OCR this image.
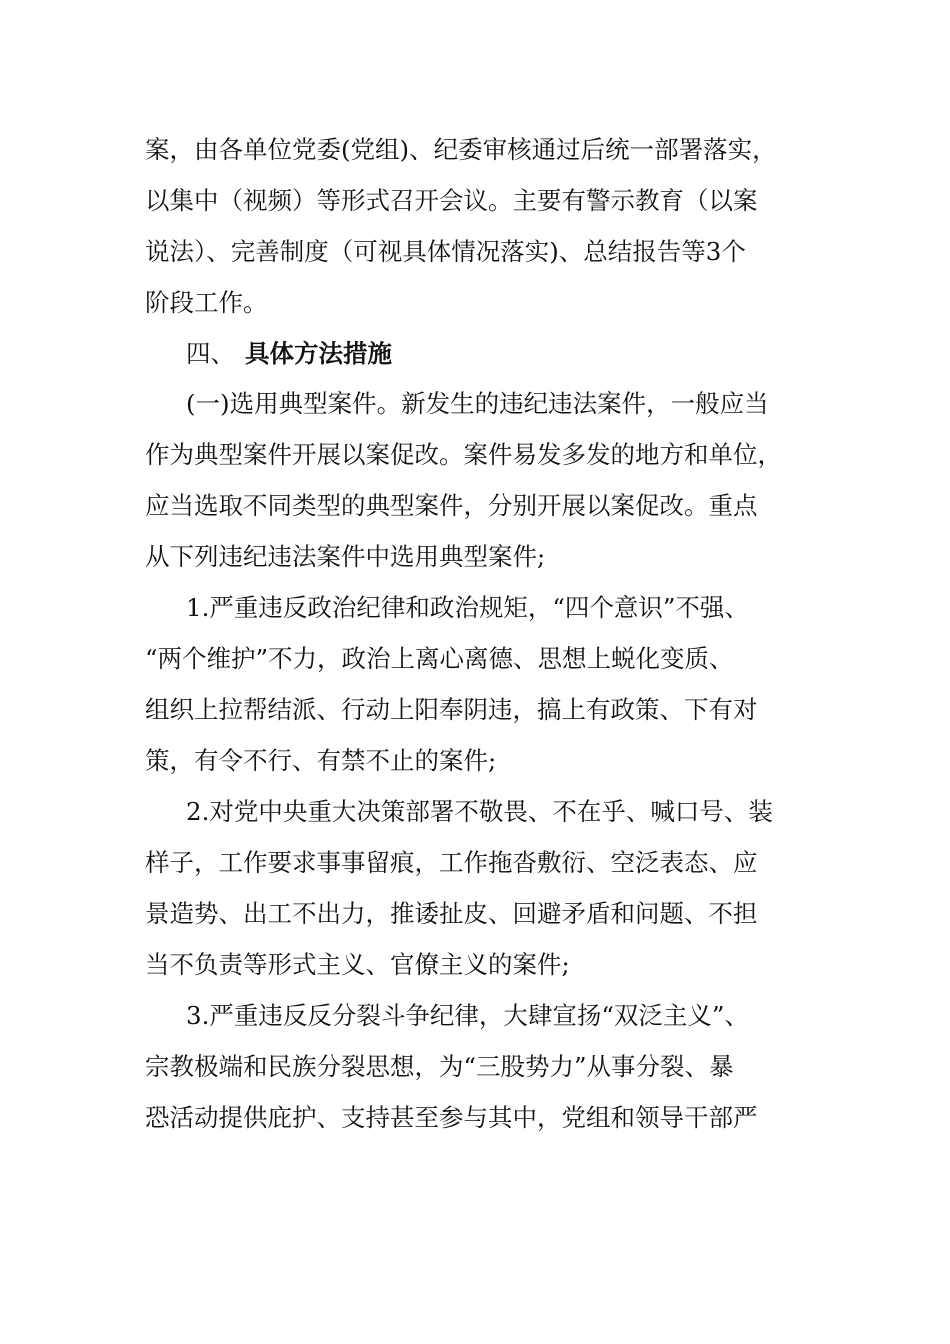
案，由各单位党委(党组)、纪委审核通过后统一部署落实，
以集中（视频）等形式召开会议。主要有警示教育（以案
说法）、完善制度（可视具体情况落实)、总结报告等3个
阶段工作。
四、 具体方法措施
(一)选用典型案件。新发生的违纪违法案件，一般应当
作为典型案件开展以案促改。案件易发多发的地方和单位，
应当选取不同类型的典型案件，分别开展以案促改。重点
从下列违纪违法案件中选用典型案件;
1.严重违反政治纪律和政治规矩，“四个意识”不强、
“两个维护”不力，政治上离心离德、思想上蜕化变质、
组织上拉帮结派、行动上阳奉阴违，搞上有政策、下有对
策，有令不行、有禁不止的案件;
2.对党中央重大决策部署不敬畏、不在乎、喊口号、装
样子，工作要求事事留痕，工作拖沓敷衍、空泛表态、应
景造势、出工不出力，推诿扯皮、回避矛盾和问题、不担
当不负责等形式主义、官僚主义的案件;
3.严重违反反分裂斗争纪律，大肆宣扬“双泛主义”、
宗教极端和民族分裂思想，为“三股势力”从事分裂、暴
恐活动提供庇护、支持甚至参与其中，党组和领导干部严
